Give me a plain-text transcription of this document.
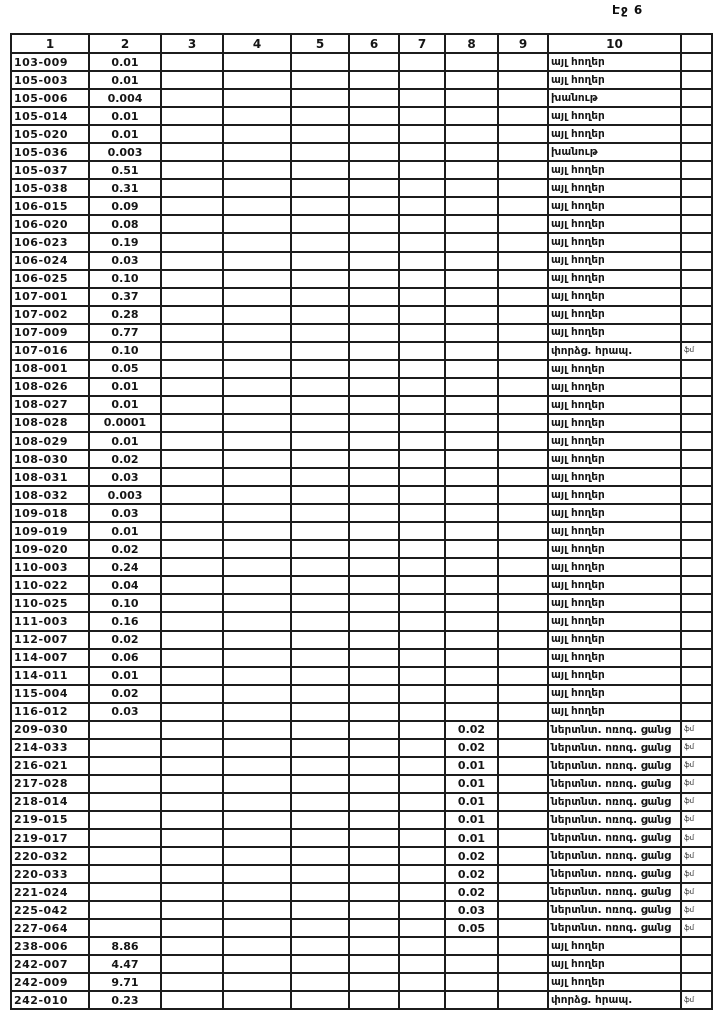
Էջ 6
1	2	3	4	5	6	7	8	9	10	
103-009	0.01								այլ հողեր	
105-003	0.01								այլ հողեր	
105-006	0.004								խանութ	
105-014	0.01								այլ հողեր	
105-020	0.01								այլ հողեր	
105-036	0.003								խանութ	
105-037	0.51								այլ հողեր	
105-038	0.31								այլ հողեր	
106-015	0.09								այլ հողեր	
106-020	0.08								այլ հողեր	
106-023	0.19								այլ հողեր	
106-024	0.03								այլ հողեր	
106-025	0.10								այլ հողեր	
107-001	0.37								այլ հողեր	
107-002	0.28								այլ հողեր	
107-009	0.77								այլ հողեր	
107-016	0.10								փորձց. հրապ.	ֆմ
108-001	0.05								այլ հողեր	
108-026	0.01								այլ հողեր	
108-027	0.01								այլ հողեր	
108-028	0.0001								այլ հողեր	
108-029	0.01								այլ հողեր	
108-030	0.02								այլ հողեր	
108-031	0.03								այլ հողեր	
108-032	0.003								այլ հողեր	
109-018	0.03								այլ հողեր	
109-019	0.01								այլ հողեր	
109-020	0.02								այլ հողեր	
110-003	0.24								այլ հողեր	
110-022	0.04								այլ հողեր	
110-025	0.10								այլ հողեր	
111-003	0.16								այլ հողեր	
112-007	0.02								այլ հողեր	
114-007	0.06								այլ հողեր	
114-011	0.01								այլ հողեր	
115-004	0.02								այլ հողեր	
116-012	0.03								այլ հողեր	
209-030							0.02		ներտնտ. ոռոգ. ցանց	ֆմ
214-033							0.02		ներտնտ. ոռոգ. ցանց	ֆմ
216-021							0.01		ներտնտ. ոռոգ. ցանց	ֆմ
217-028							0.01		ներտնտ. ոռոգ. ցանց	ֆմ
218-014							0.01		ներտնտ. ոռոգ. ցանց	ֆմ
219-015							0.01		ներտնտ. ոռոգ. ցանց	ֆմ
219-017							0.01		ներտնտ. ոռոգ. ցանց	ֆմ
220-032							0.02		ներտնտ. ոռոգ. ցանց	ֆմ
220-033							0.02		ներտնտ. ոռոգ. ցանց	ֆմ
221-024							0.02		ներտնտ. ոռոգ. ցանց	ֆմ
225-042							0.03		ներտնտ. ոռոգ. ցանց	ֆմ
227-064							0.05		ներտնտ. ոռոգ. ցանց	ֆմ
238-006	8.86								այլ հողեր	
242-007	4.47								այլ հողեր	
242-009	9.71								այլ հողեր	
242-010	0.23								փորձց. հրապ.	ֆմ
